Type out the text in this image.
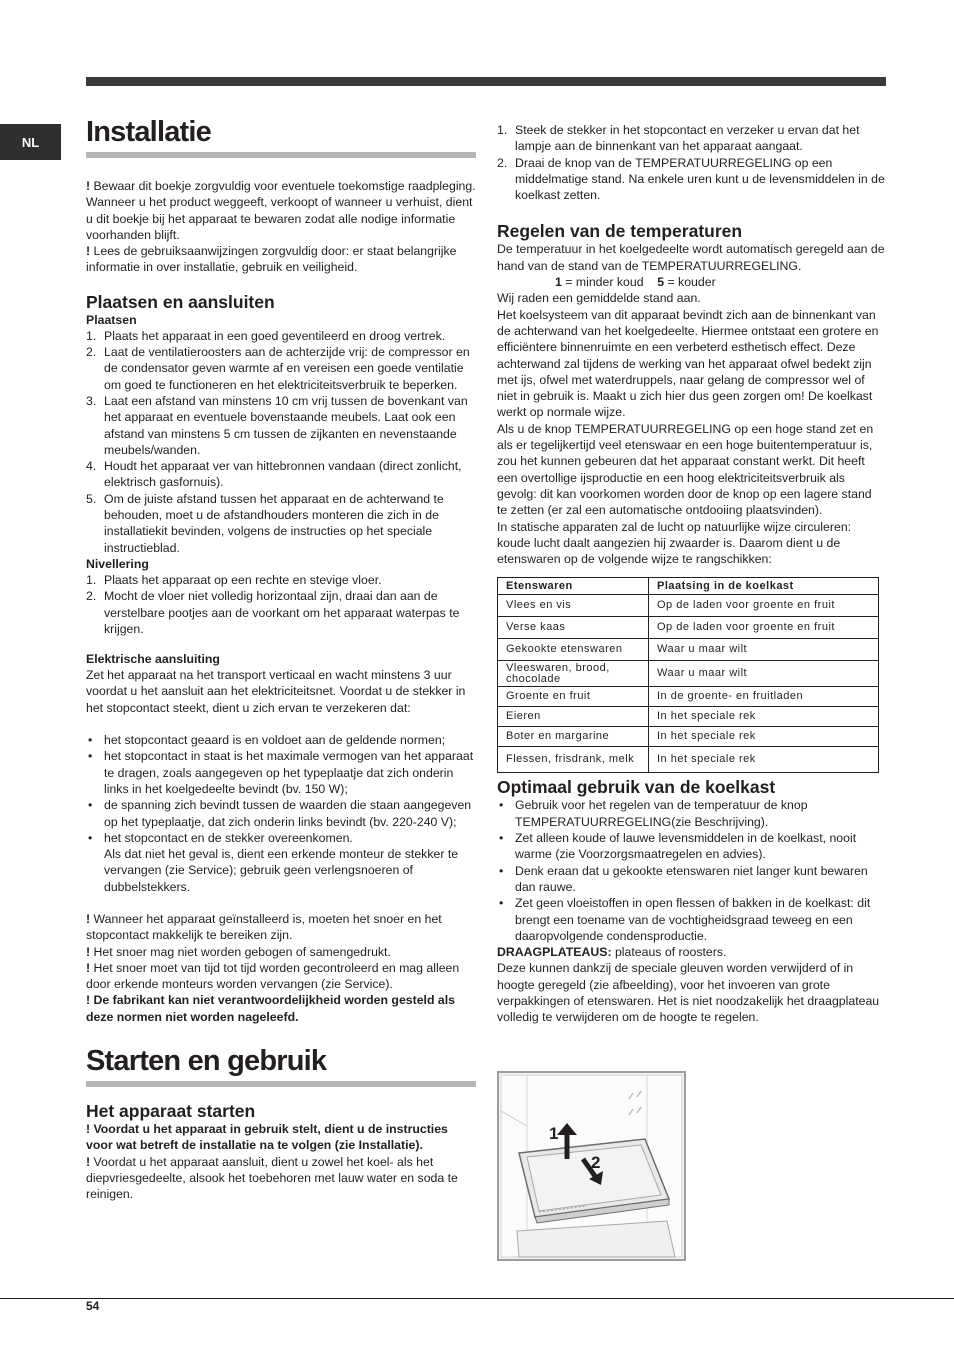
NL Installatie

! Bewaar dit boekje zorgvuldig voor eventuele toekomstige raadpleging. Wanneer u het product weggeeft, verkoopt of wanneer u verhuist, dient u dit boekje bij het apparaat te bewaren zodat alle nodige informatie voorhanden blijft.

! Lees de gebruiksaanwijzingen zorgvuldig door: er staat belangrijke informatie in over installatie, gebruik en veiligheid.

Plaatsen en aansluiten
Plaatsen
1. Plaats het apparaat in een goed geventileerd en droog vertrek.
2. Laat de ventilatieroosters aan de achterzijde vrij: de compressor en de condensator geven warmte af en vereisen een goede ventilatie om goed te functioneren en het elektriciteitsverbruik te beperken.
3. Laat een afstand van minstens 10 cm vrij tussen de bovenkant van het apparaat en eventuele bovenstaande meubels. Laat ook een afstand van minstens 5 cm tussen de zijkanten en nevenstaande meubels/wanden.
4. Houdt het apparaat ver van hittebronnen vandaan (direct zonlicht, elektrisch gasfornuis).
5. Om de juiste afstand tussen het apparaat en de achterwand te behouden, moet u de afstandhouders monteren die zich in de installatiekit bevinden, volgens de instructies op het speciale instructieblad.
Nivellering
1. Plaats het apparaat op een rechte en stevige vloer.
2. Mocht de vloer niet volledig horizontaal zijn, draai dan aan de verstelbare pootjes aan de voorkant om het apparaat waterpas te krijgen.
Elektrische aansluiting

Zet het apparaat na het transport verticaal en wacht minstens 3 uur voordat u het aansluit aan het elektriciteitsnet. Voordat u de stekker in het stopcontact steekt, dient u zich ervan te verzekeren dat:

• het stopcontact geaard is en voldoet aan de geldende normen;
• het stopcontact in staat is het maximale vermogen van het apparaat te dragen, zoals aangegeven op het typeplaatje dat zich onderin links in het koelgedeelte bevindt (bv. 150 W);
• de spanning zich bevindt tussen de waarden die staan aangegeven op het typeplaatje, dat zich onderin links bevindt (bv. 220-240 V);
• het stopcontact en de stekker overeenkomen.

Als dat niet het geval is, dient een erkende monteur de stekker te vervangen (zie Service); gebruik geen verlengsnoeren of dubbelstekkers.

! Wanneer het apparaat geïnstalleerd is, moeten het snoer en het stopcontact makkelijk te bereiken zijn.

! Het snoer mag niet worden gebogen of samengedrukt.

! Het snoer moet van tijd tot tijd worden gecontroleerd en mag alleen door erkende monteurs worden vervangen (zie Service).

! De fabrikant kan niet verantwoordelijkheid worden gesteld als deze normen niet worden nageleefd.

Starten en gebruik
Het apparaat starten

! Voordat u het apparaat in gebruik stelt, dient u de instructies voor wat betreft de installatie na te volgen (zie Installatie).

! Voordat u het apparaat aansluit, dient u zowel het koel- als het diepvriesgedeelte, alsook het toebehoren met lauw water en soda te reinigen.

1. Steek de stekker in het stopcontact en verzeker u ervan dat het lampje aan de binnenkant van het apparaat aangaat.
2. Draai de knop van de TEMPERATUURREGELING op een middelmatige stand. Na enkele uren kunt u de levensmiddelen in de koelkast zetten.
Regelen van de temperaturen

De temperatuur in het koelgedeelte wordt automatisch geregeld aan de hand van de stand van de TEMPERATUURREGELING.

1 = minder koud 5 = kouder

Wij raden een gemiddelde stand aan.

Het koelsysteem van dit apparaat bevindt zich aan de binnenkant van de achterwand van het koelgedeelte. Hiermee ontstaat een grotere en efficiëntere binnenruimte en een verbeterd esthetisch effect. Deze achterwand zal tijdens de werking van het apparaat ofwel bedekt zijn met ijs, ofwel met waterdruppels, naar gelang de compressor wel of niet in gebruik is. Maakt u zich hier dus geen zorgen om! De koelkast werkt op normale wijze.

Als u de knop TEMPERATUURREGELING op een hoge stand zet en als er tegelijkertijd veel etenswaar en een hoge buitentemperatuur is, zou het kunnen gebeuren dat het apparaat constant werkt. Dit heeft een overtollige ijsproductie en een hoog elektriciteitsverbruik als gevolg: dit kan voorkomen worden door de knop op een lagere stand te zetten (er zal een automatische ontdooiing plaatsvinden).

In statische apparaten zal de lucht op natuurlijke wijze circuleren: koude lucht daalt aangezien hij zwaarder is. Daarom dient u de etenswaren op de volgende wijze te rangschikken:

Etenswaren	Plaatsing in de koelkast
Vlees en vis	Op de laden voor groente en fruit
Verse kaas	Op de laden voor groente en fruit
Gekookte etenswaren	Waar u maar wilt
Vleeswaren, brood, chocolade	Waar u maar wilt
Groente en fruit	In de groente- en fruitladen
Eieren	In het speciale rek
Boter en margarine	In het speciale rek
Flessen, frisdrank, melk	In het speciale rek
Optimaal gebruik van de koelkast
• Gebruik voor het regelen van de temperatuur de knop TEMPERATUURREGELING(zie Beschrijving).
• Zet alleen koude of lauwe levensmiddelen in de koelkast, nooit warme (zie Voorzorgsmaatregelen en advies).
• Denk eraan dat u gekookte etenswaren niet langer kunt bewaren dan rauwe.
• Zet geen vloeistoffen in open flessen of bakken in de koelkast: dit brengt een toename van de vochtigheidsgraad teweeg en een daaropvolgende condensproductie.

DRAAGPLATEAUS: plateaus of roosters.

Deze kunnen dankzij de speciale gleuven worden verwijderd of in hoogte geregeld (zie afbeelding), voor het invoeren van grote verpakkingen of etenswaren. Het is niet noodzakelijk het draagplateau volledig te verwijderen om de hoogte te regelen.

1
2
54
